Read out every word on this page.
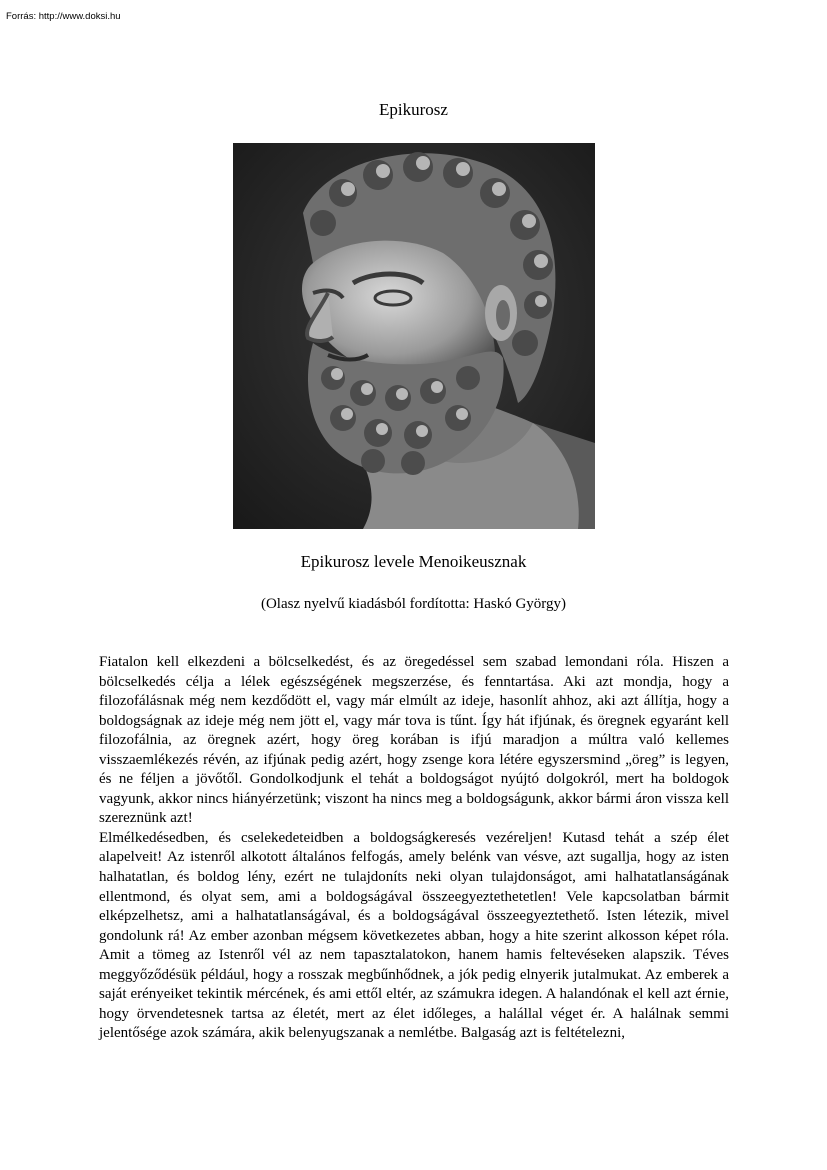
Forrás: http://www.doksi.hu
Epikurosz
Epikurosz levele Menoikeusznak
(Olasz nyelvű kiadásból fordította: Haskó György)

Fiatalon kell elkezdeni a bölcselkedést, és az öregedéssel sem szabad lemondani róla. Hiszen a bölcselkedés célja a lélek egészségének megszerzése, és fenntartása. Aki azt mondja, hogy a filozofálásnak még nem kezdődött el, vagy már elmúlt az ideje, hasonlít ahhoz, aki azt állítja, hogy a boldogságnak az ideje még nem jött el, vagy már tova is tűnt. Így hát ifjúnak, és öregnek egyaránt kell filozofálnia, az öregnek azért, hogy öreg korában is ifjú maradjon a múltra való kellemes visszaemlékezés révén, az ifjúnak pedig azért, hogy zsenge kora létére egyszersmind „öreg” is legyen, és ne féljen a jövőtől. Gondolkodjunk el tehát a boldogságot nyújtó dolgokról, mert ha boldogok vagyunk, akkor nincs hiányérzetünk; viszont ha nincs meg a boldogságunk, akkor bármi áron vissza kell szereznünk azt!

Elmélkedésedben, és cselekedeteidben a boldogságkeresés vezéreljen! Kutasd tehát a szép élet alapelveit! Az istenről alkotott általános felfogás, amely belénk van vésve, azt sugallja, hogy az isten halhatatlan, és boldog lény, ezért ne tulajdoníts neki olyan tulajdonságot, ami halhatatlanságának ellentmond, és olyat sem, ami a boldogságával összeegyeztethetetlen! Vele kapcsolatban bármit elképzelhetsz, ami a halhatatlanságával, és a boldogságával összeegyeztethető. Isten létezik, mivel gondolunk rá! Az ember azonban mégsem következetes abban, hogy a hite szerint alkosson képet róla. Amit a tömeg az Istenről vél az nem tapasztalatokon, hanem hamis feltevéseken alapszik. Téves meggyőződésük például, hogy a rosszak megbűnhődnek, a jók pedig elnyerik jutalmukat. Az emberek a saját erényeiket tekintik mércének, és ami ettől eltér, az számukra idegen. A halandónak el kell azt érnie, hogy örvendetesnek tartsa az életét, mert az élet időleges, a halállal véget ér. A halálnak semmi jelentősége azok számára, akik belenyugszanak a nemlétbe. Balgaság azt is feltételezni,
